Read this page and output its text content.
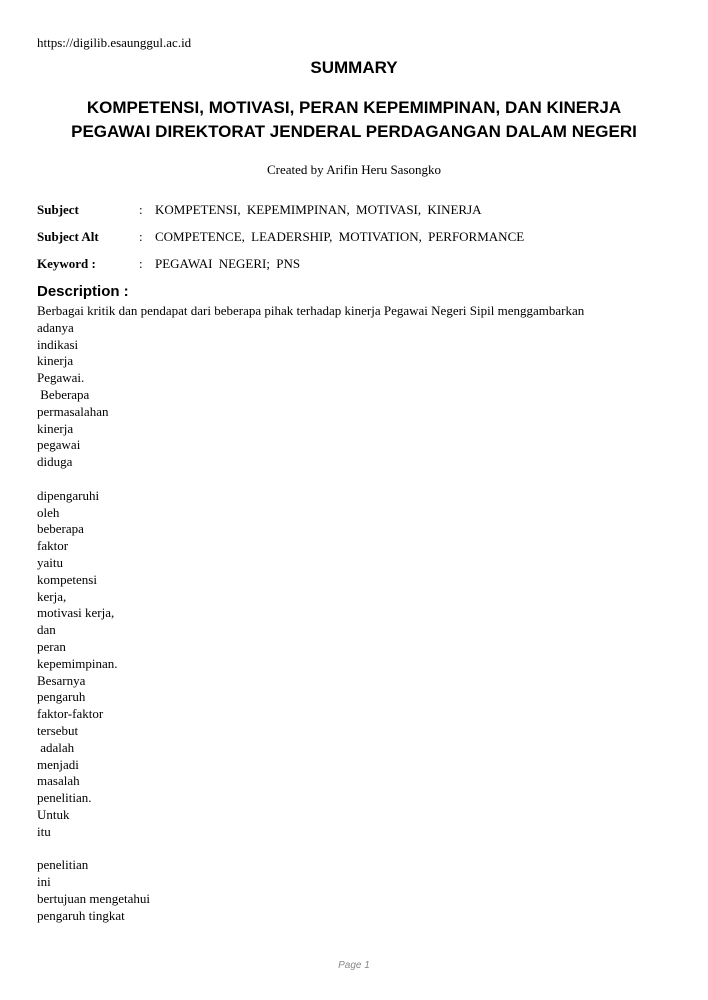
https://digilib.esaunggul.ac.id
SUMMARY
KOMPETENSI, MOTIVASI, PERAN KEPEMIMPINAN, DAN KINERJA
PEGAWAI DIREKTORAT JENDERAL PERDAGANGAN DALAM NEGERI
Created by Arifin Heru Sasongko
Subject	: KOMPETENSI, KEPEMIMPINAN, MOTIVASI, KINERJA
Subject Alt	: COMPETENCE, LEADERSHIP, MOTIVATION, PERFORMANCE
Keyword :	: PEGAWAI NEGERI; PNS
Description :
Berbagai kritik dan pendapat dari beberapa pihak terhadap kinerja Pegawai Negeri Sipil menggambarkan
adanya
indikasi
kinerja
Pegawai.
Beberapa
permasalahan
kinerja
pegawai
diduga
dipengaruhi
oleh
beberapa
faktor
yaitu
kompetensi
kerja,
motivasi kerja,
dan
peran
kepemimpinan.
Besarnya
pengaruh
faktor-faktor
tersebut
adalah
menjadi
masalah
penelitian.
Untuk
itu
penelitian
ini
bertujuan mengetahui
pengaruh tingkat
Page 1
